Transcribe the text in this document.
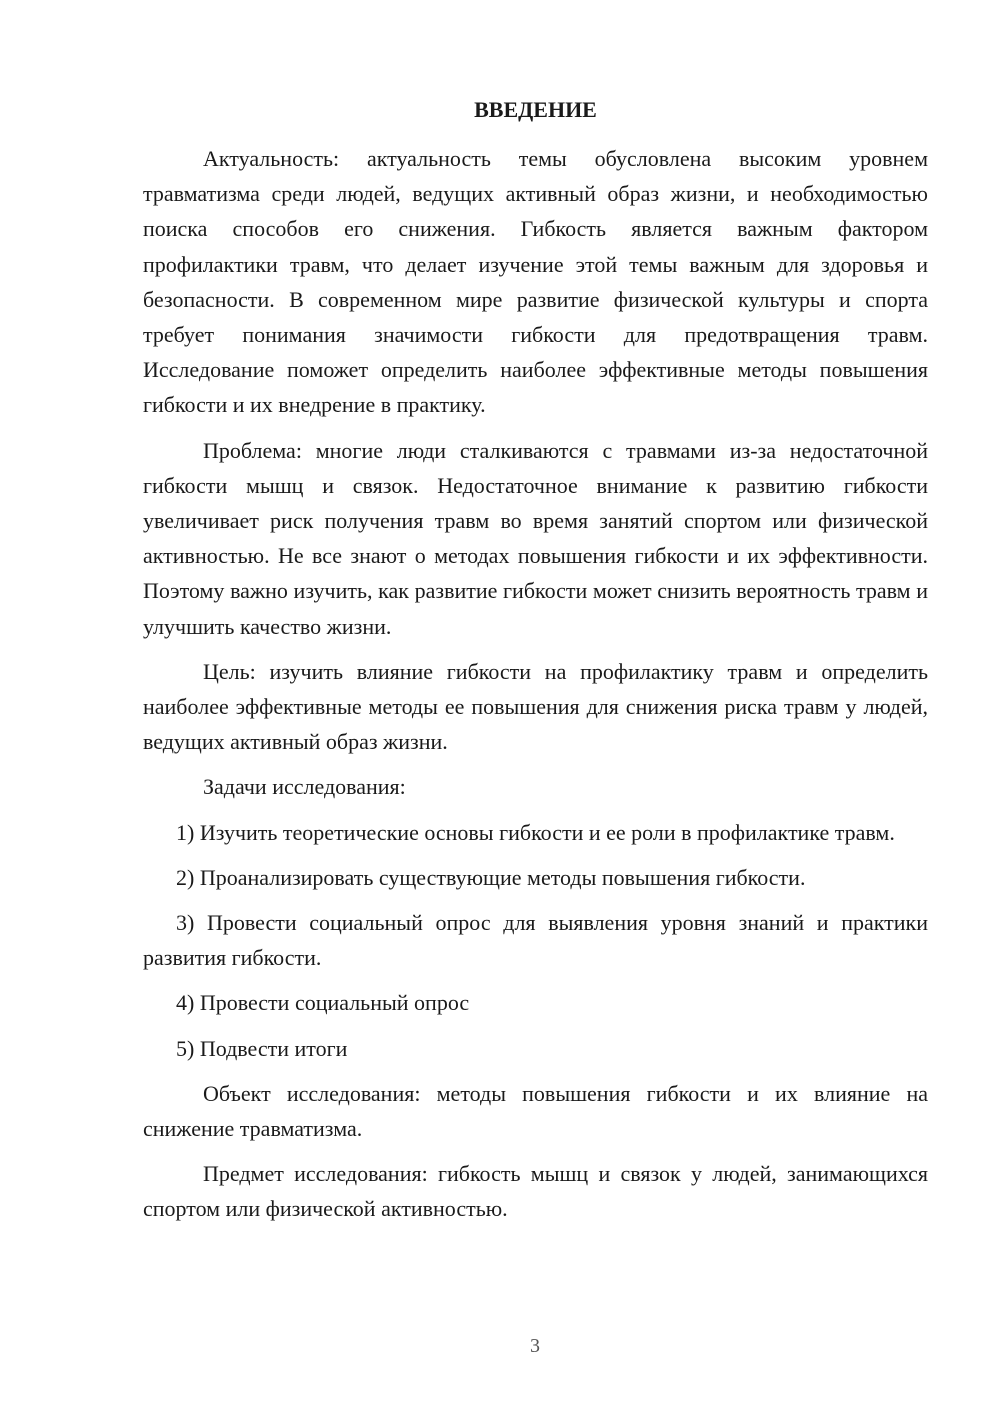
ВВЕДЕНИЕ

Актуальность: актуальность темы обусловлена высоким уровнем травматизма среди людей, ведущих активный образ жизни, и необходимостью поиска способов его снижения. Гибкость является важным фактором профилактики травм, что делает изучение этой темы важным для здоровья и безопасности. В современном мире развитие физической культуры и спорта требует понимания значимости гибкости для предотвращения травм. Исследование поможет определить наиболее эффективные методы повышения гибкости и их внедрение в практику.

Проблема: многие люди сталкиваются с травмами из-за недостаточной гибкости мышц и связок. Недостаточное внимание к развитию гибкости увеличивает риск получения травм во время занятий спортом или физической активностью. Не все знают о методах повышения гибкости и их эффективности. Поэтому важно изучить, как развитие гибкости может снизить вероятность травм и улучшить качество жизни.

Цель: изучить влияние гибкости на профилактику травм и определить наиболее эффективные методы ее повышения для снижения риска травм у людей, ведущих активный образ жизни.

Задачи исследования:

1) Изучить теоретические основы гибкости и ее роли в профилактике травм.

2) Проанализировать существующие методы повышения гибкости.

3) Провести социальный опрос для выявления уровня знаний и практики развития гибкости.

4) Провести социальный опрос

5) Подвести итоги

Объект исследования: методы повышения гибкости и их влияние на снижение травматизма.

Предмет исследования: гибкость мышц и связок у людей, занимающихся спортом или физической активностью.

3
